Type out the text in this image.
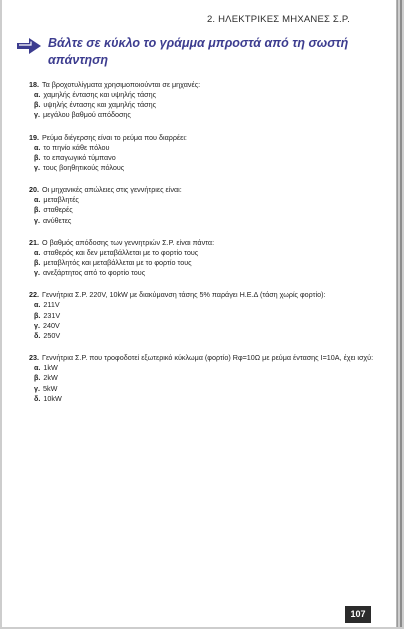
2. ΗΛΕΚΤΡΙΚΕΣ ΜΗΧΑΝΕΣ Σ.Ρ.
Βάλτε σε κύκλο το γράμμα μπροστά από τη σωστή απάντηση
18. Τα βροχοτυλίγματα χρησιμοποιούνται σε μηχανές:
α. χαμηλής έντασης και υψηλής τάσης
β. υψηλής έντασης και χαμηλής τάσης
γ. μεγάλου βαθμού απόδοσης
19. Ρεύμα διέγερσης είναι το ρεύμα που διαρρέει:
α. το πηνίο κάθε πόλου
β. το επαγωγικό τύμπανο
γ. τους βοηθητικούς πόλους
20. Οι μηχανικές απώλειες στις γεννήτριες είναι:
α. μεταβλητές
β. σταθερές
γ. ανύθετες
21. Ο βαθμός απόδοσης των γεννητριών Σ.Ρ. είναι πάντα:
α. σταθερός και δεν μεταβάλλεται με το φορτίο τους
β. μεταβλητός και μεταβάλλεται με το φορτίο τους
γ. ανεξάρτητος από το φορτίο τους
22. Γεννήτρια Σ.Ρ. 220V, 10kW με διακύμανση τάσης 5% παράγει Η.Ε.Δ (τάση χωρίς φορτίο):
α. 211V
β. 231V
γ. 240V
δ. 250V
23. Γεννήτρια Σ.Ρ. που τροφοδοτεί εξωτερικό κύκλωμα (φορτίο) Rφ=10Ω με ρεύμα έντασης I=10A, έχει ισχύ:
α. 1kW
β. 2kW
γ. 5kW
δ. 10kW
107
